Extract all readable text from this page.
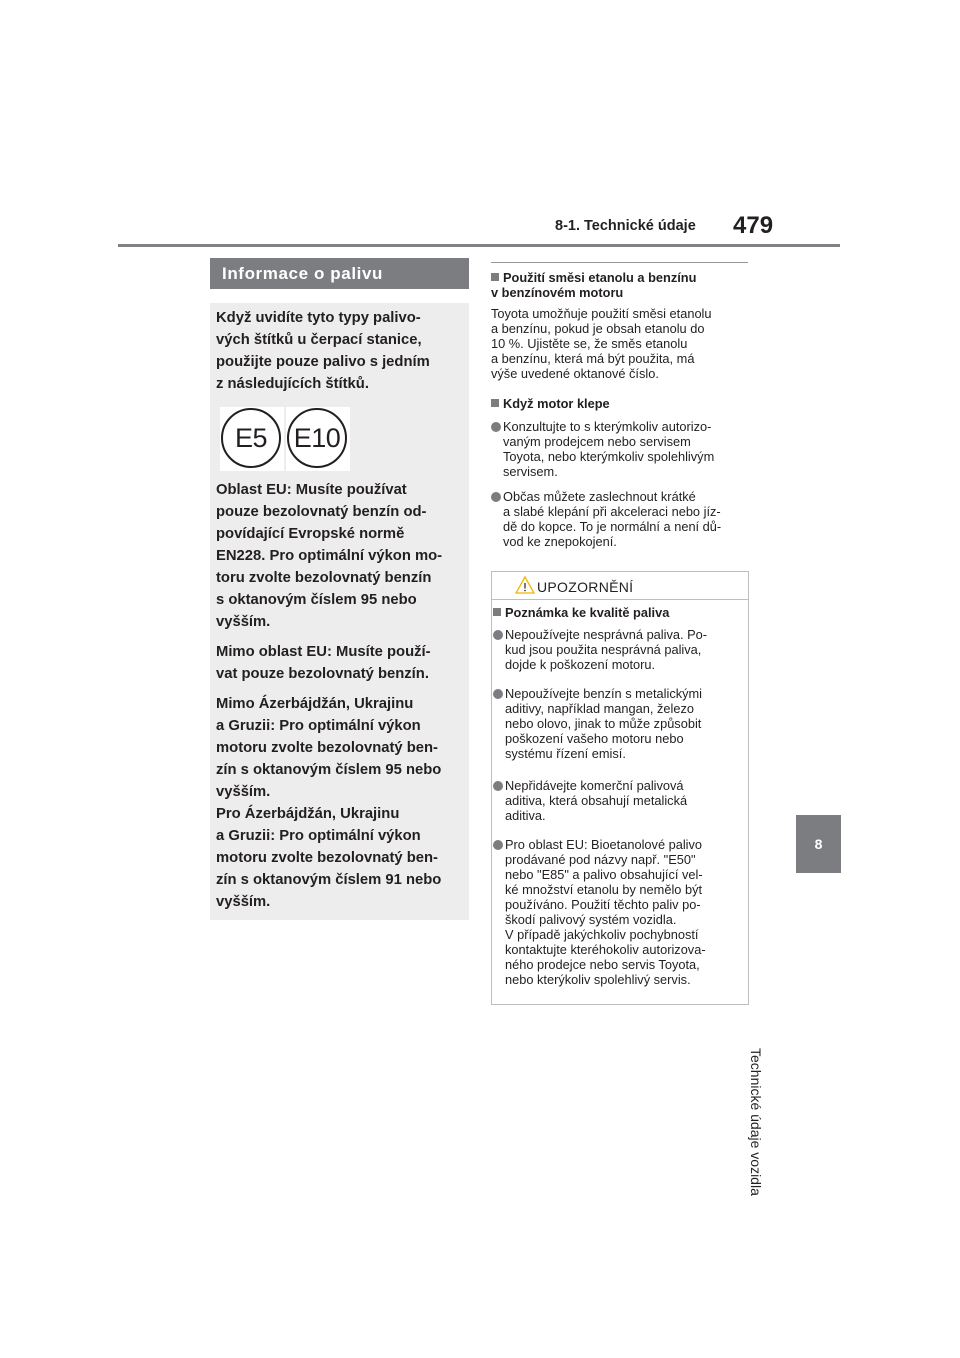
8-1. Technické údaje 479
8
Technické údaje vozidla
Informace o palivu
Když uvidíte tyto typy palivo-
vých štítků u čerpací stanice,
použijte pouze palivo s jedním
z následujících štítků.
E5 E10
Oblast EU: Musíte používat
pouze bezolovnatý benzín od-
povídající Evropské normě
EN228. Pro optimální výkon mo-
toru zvolte bezolovnatý benzín
s oktanovým číslem 95 nebo
vyšším.
Mimo oblast EU: Musíte použí-
vat pouze bezolovnatý benzín.
Mimo Ázerbájdžán, Ukrajinu
a Gruzii: Pro optimální výkon
motoru zvolte bezolovnatý ben-
zín s oktanovým číslem 95 nebo
vyšším.
Pro Ázerbájdžán, Ukrajinu
a Gruzii: Pro optimální výkon
motoru zvolte bezolovnatý ben-
zín s oktanovým číslem 91 nebo
vyšším.
Použití směsi etanolu a benzínu
v benzínovém motoru
Toyota umožňuje použití směsi etanolu
a benzínu, pokud je obsah etanolu do
10 %. Ujistěte se, že směs etanolu
a benzínu, která má být použita, má
výše uvedené oktanové číslo.
Když motor klepe
Konzultujte to s kterýmkoliv autorizo-
vaným prodejcem nebo servisem
Toyota, nebo kterýmkoliv spolehlivým
servisem.
Občas můžete zaslechnout krátké
a slabé klepání při akceleraci nebo jíz-
dě do kopce. To je normální a není dů-
vod ke znepokojení.
UPOZORNĚNÍ
Poznámka ke kvalitě paliva
Nepoužívejte nesprávná paliva. Po-
kud jsou použita nesprávná paliva,
dojde k poškození motoru.
Nepoužívejte benzín s metalickými
aditivy, například mangan, železo
nebo olovo, jinak to může způsobit
poškození vašeho motoru nebo
systému řízení emisí.
Nepřidávejte komerční palivová
aditiva, která obsahují metalická
aditiva.
Pro oblast EU: Bioetanolové palivo
prodávané pod názvy např. "E50"
nebo "E85" a palivo obsahující vel-
ké množství etanolu by nemělo být
používáno. Použití těchto paliv po-
škodí palivový systém vozidla.
V případě jakýchkoliv pochybností
kontaktujte kteréhokoliv autorizova-
ného prodejce nebo servis Toyota,
nebo kterýkoliv spolehlivý servis.
